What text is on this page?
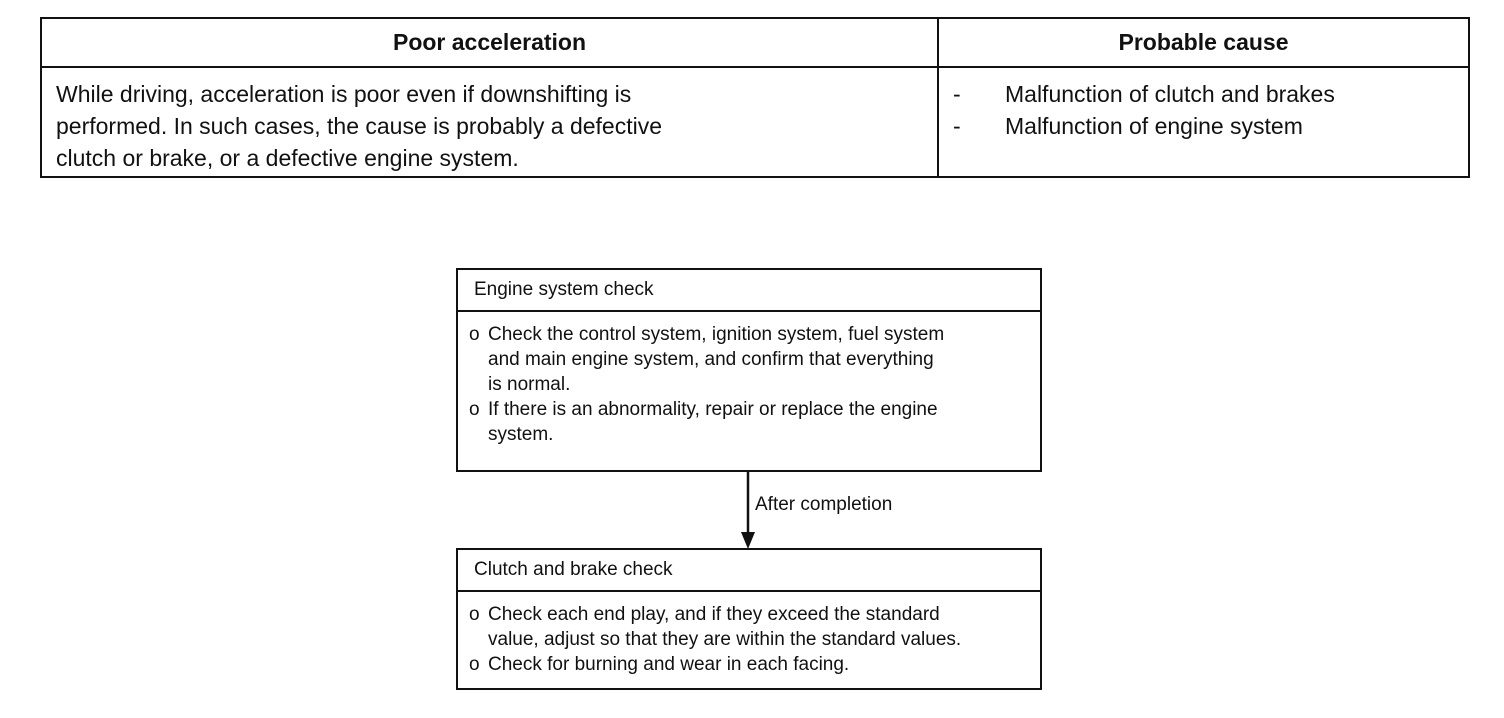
Poor acceleration	Probable cause
While driving, acceleration is poor even if downshifting is
performed. In such cases, the cause is probably a defective
clutch or brake, or a defective engine system.
-	Malfunction of clutch and brakes
-	Malfunction of engine system
Engine system check
o Check the control system, ignition system, fuel system
and main engine system, and confirm that everything
is normal.
o If there is an abnormality, repair or replace the engine
system.
After completion
Clutch and brake check
o Check each end play, and if they exceed the standard
value, adjust so that they are within the standard values.
o Check for burning and wear in each facing.
